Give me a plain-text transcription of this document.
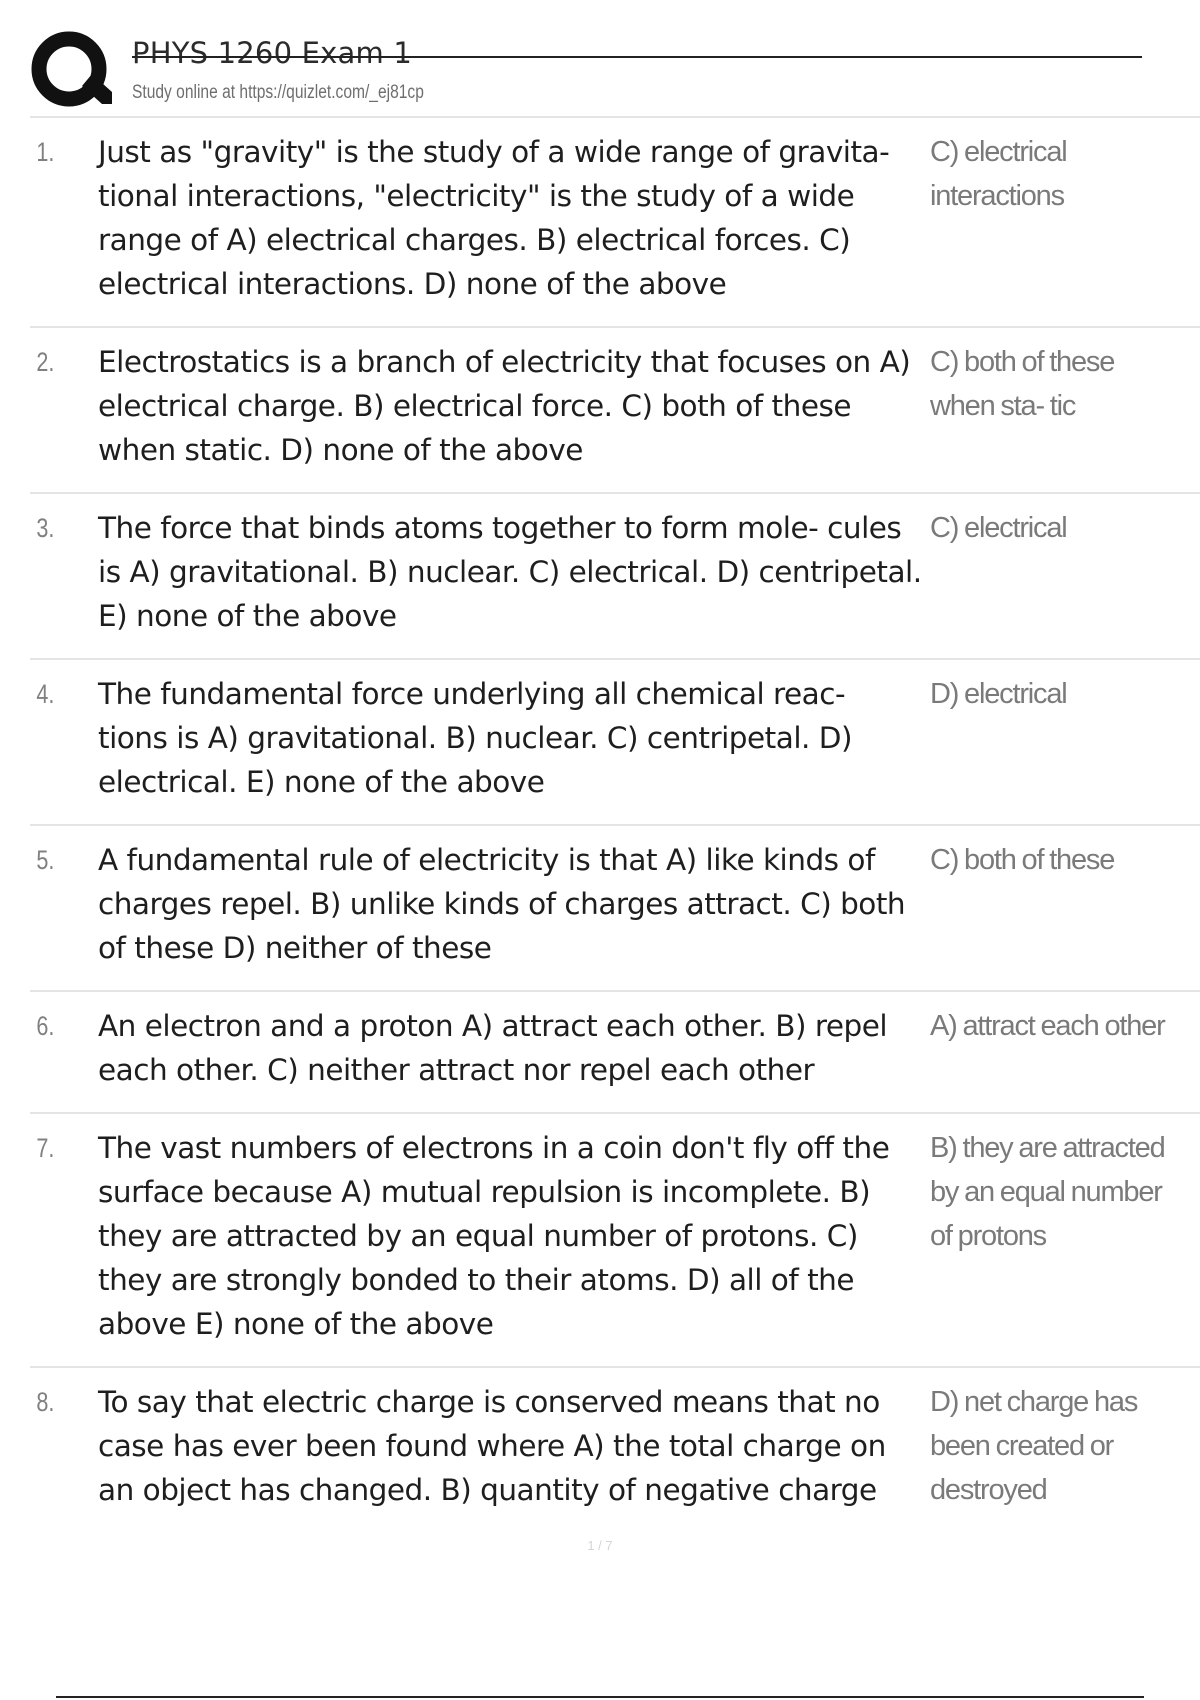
PHYS 1260 Exam 1
Study online at https://quizlet.com/_ej81cp
1.	Just as "gravity" is the study of a wide range of gravita- tional interactions, "electricity" is the study of a wide range of A) electrical charges. B) electrical forces. C) electrical interactions. D) none of the above
C) electrical interactions
2.	Electrostatics is a branch of electricity that focuses on A) electrical charge. B) electrical force. C) both of these when static. D) none of the above
C) both of these when sta- tic
3.	The force that binds atoms together to form mole- cules is A) gravitational. B) nuclear. C) electrical. D) centripetal. E) none of the above
C) electrical
4.	The fundamental force underlying all chemical reac- tions is A) gravitational. B) nuclear. C) centripetal. D) electrical. E) none of the above
D) electrical
5.	A fundamental rule of electricity is that A) like kinds of charges repel. B) unlike kinds of charges attract. C) both of these D) neither of these
C) both of these
6.	An electron and a proton A) attract each other. B) repel each other. C) neither attract nor repel each other
A) attract each other
7.	The vast numbers of electrons in a coin don't fly off the surface because A) mutual repulsion is incomplete. B) they are attracted by an equal number of protons. C) they are strongly bonded to their atoms. D) all of the above E) none of the above
B) they are attracted by an equal number of protons
8.	To say that electric charge is conserved means that no case has ever been found where A) the total charge on an object has changed. B) quantity of negative charge
D) net charge has been created or destroyed
1 / 7
